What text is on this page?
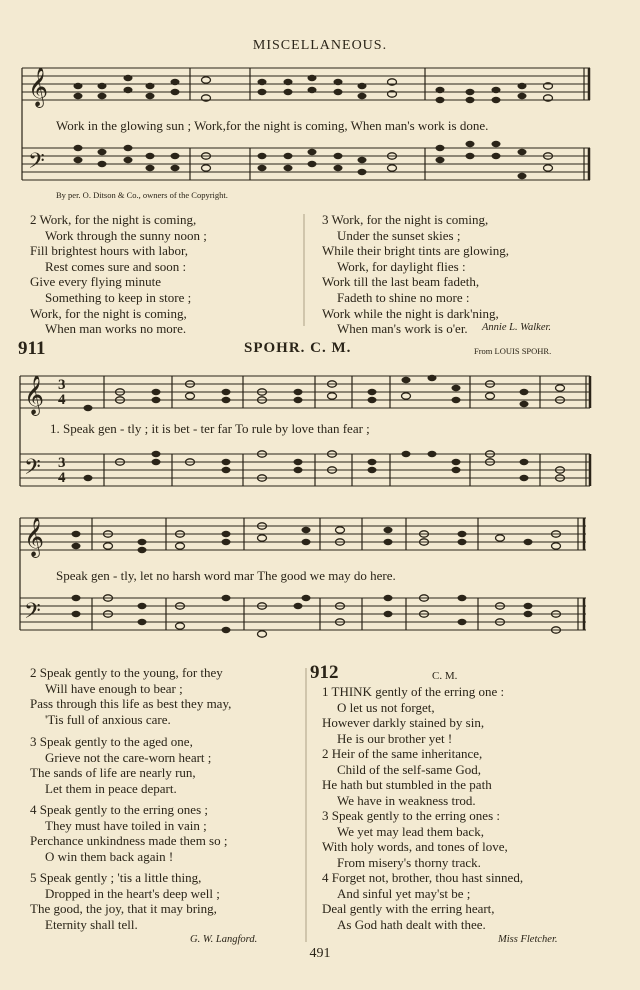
MISCELLANEOUS.
𝄞
𝄢
𝄞
𝄢
3
4
3
4
𝄞
𝄢
Work in the glowing sun ; Work,for the night is coming, When man's work is done.
By per. O. Ditson & Co., owners of the Copyright.
2 Work, for the night is coming,
Work through the sunny noon ;
Fill brightest hours with labor,
Rest comes sure and soon :
Give every flying minute
Something to keep in store ;
Work, for the night is coming,
When man works no more.
3 Work, for the night is coming,
Under the sunset skies ;
While their bright tints are glowing,
Work, for daylight flies :
Work till the last beam fadeth,
Fadeth to shine no more :
Work while the night is dark'ning,
When man's work is o'er.	Annie L. Walker.
911	SPOHR. C. M.	From LOUIS SPOHR.
1. Speak gen - tly ; it is bet - ter far To rule by love than fear ;
Speak gen - tly, let no harsh word mar The good we may do here.
2 Speak gently to the young, for they
Will have enough to bear ;
Pass through this life as best they may,
'Tis full of anxious care.
3 Speak gently to the aged one,
Grieve not the care-worn heart ;
The sands of life are nearly run,
Let them in peace depart.
4 Speak gently to the erring ones ;
They must have toiled in vain ;
Perchance unkindness made them so ;
O win them back again !
5 Speak gently ; 'tis a little thing,
Dropped in the heart's deep well ;
The good, the joy, that it may bring,
Eternity shall tell.
G. W. Langford.
912	C. M.
1 THINK gently of the erring one :
O let us not forget,
However darkly stained by sin,
He is our brother yet !
2 Heir of the same inheritance,
Child of the self-same God,
He hath but stumbled in the path
We have in weakness trod.
3 Speak gently to the erring ones :
We yet may lead them back,
With holy words, and tones of love,
From misery's thorny track.
4 Forget not, brother, thou hast sinned,
And sinful yet may'st be ;
Deal gently with the erring heart,
As God hath dealt with thee.
Miss Fletcher.
491
